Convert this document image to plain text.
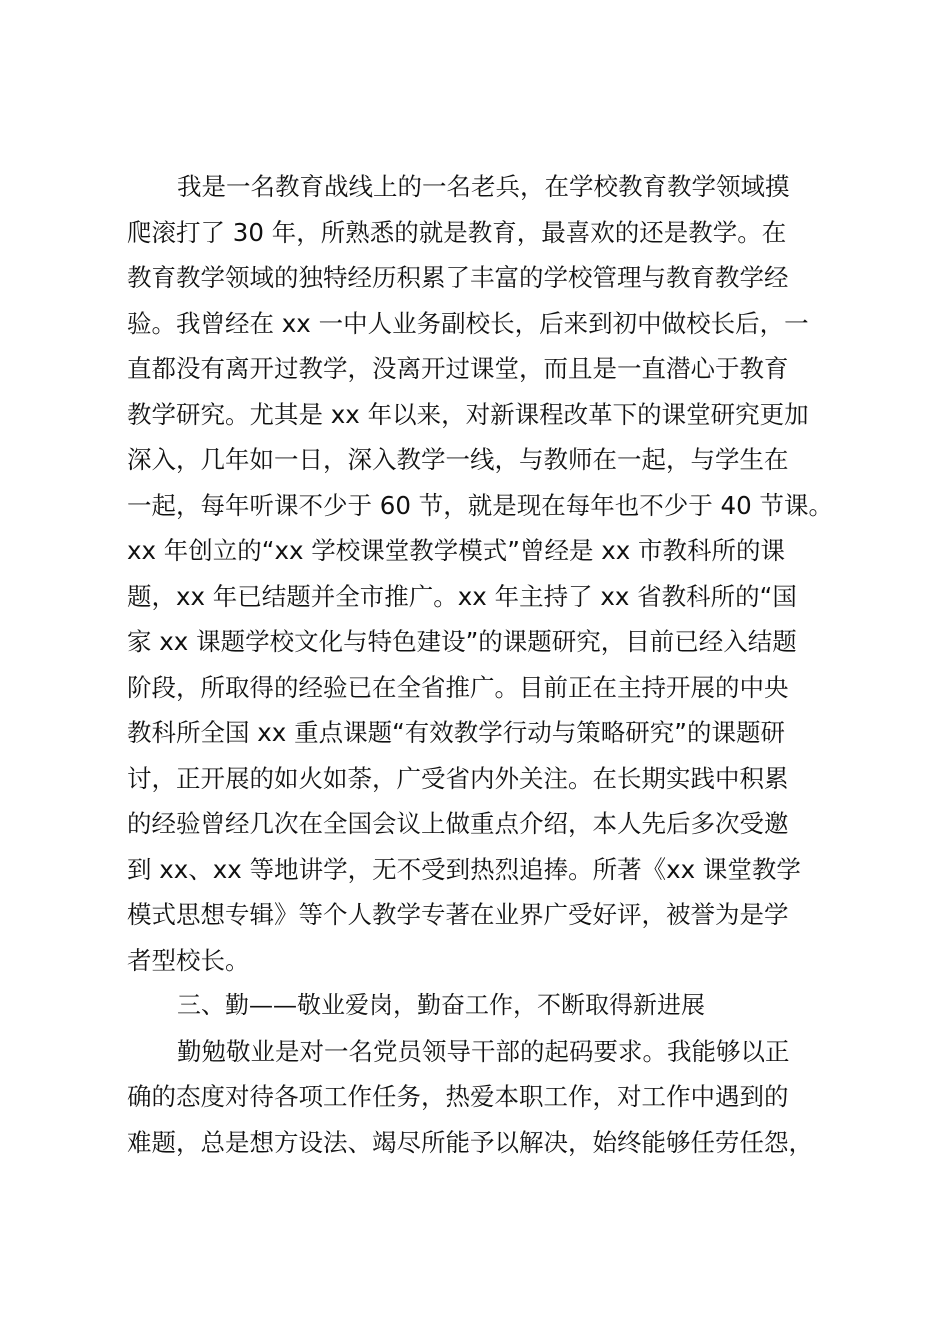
我是一名教育战线上的一名老兵，在学校教育教学领域摸
爬滚打了 30 年，所熟悉的就是教育，最喜欢的还是教学。在
教育教学领域的独特经历积累了丰富的学校管理与教育教学经
验。我曾经在 xx 一中人业务副校长，后来到初中做校长后，一
直都没有离开过教学，没离开过课堂，而且是一直潜心于教育
教学研究。尤其是 xx 年以来，对新课程改革下的课堂研究更加
深入，几年如一日，深入教学一线，与教师在一起，与学生在
一起，每年听课不少于 60 节，就是现在每年也不少于 40 节课。
xx 年创立的“xx 学校课堂教学模式”曾经是 xx 市教科所的课
题，xx 年已结题并全市推广。xx 年主持了 xx 省教科所的“国
家 xx 课题学校文化与特色建设”的课题研究，目前已经入结题
阶段，所取得的经验已在全省推广。目前正在主持开展的中央
教科所全国 xx 重点课题“有效教学行动与策略研究”的课题研
讨，正开展的如火如荼，广受省内外关注。在长期实践中积累
的经验曾经几次在全国会议上做重点介绍，本人先后多次受邀
到 xx、xx 等地讲学，无不受到热烈追捧。所著《xx 课堂教学
模式思想专辑》等个人教学专著在业界广受好评，被誉为是学
者型校长。
三、勤——敬业爱岗，勤奋工作，不断取得新进展
勤勉敬业是对一名党员领导干部的起码要求。我能够以正
确的态度对待各项工作任务，热爱本职工作，对工作中遇到的
难题，总是想方设法、竭尽所能予以解决，始终能够任劳任怨，
